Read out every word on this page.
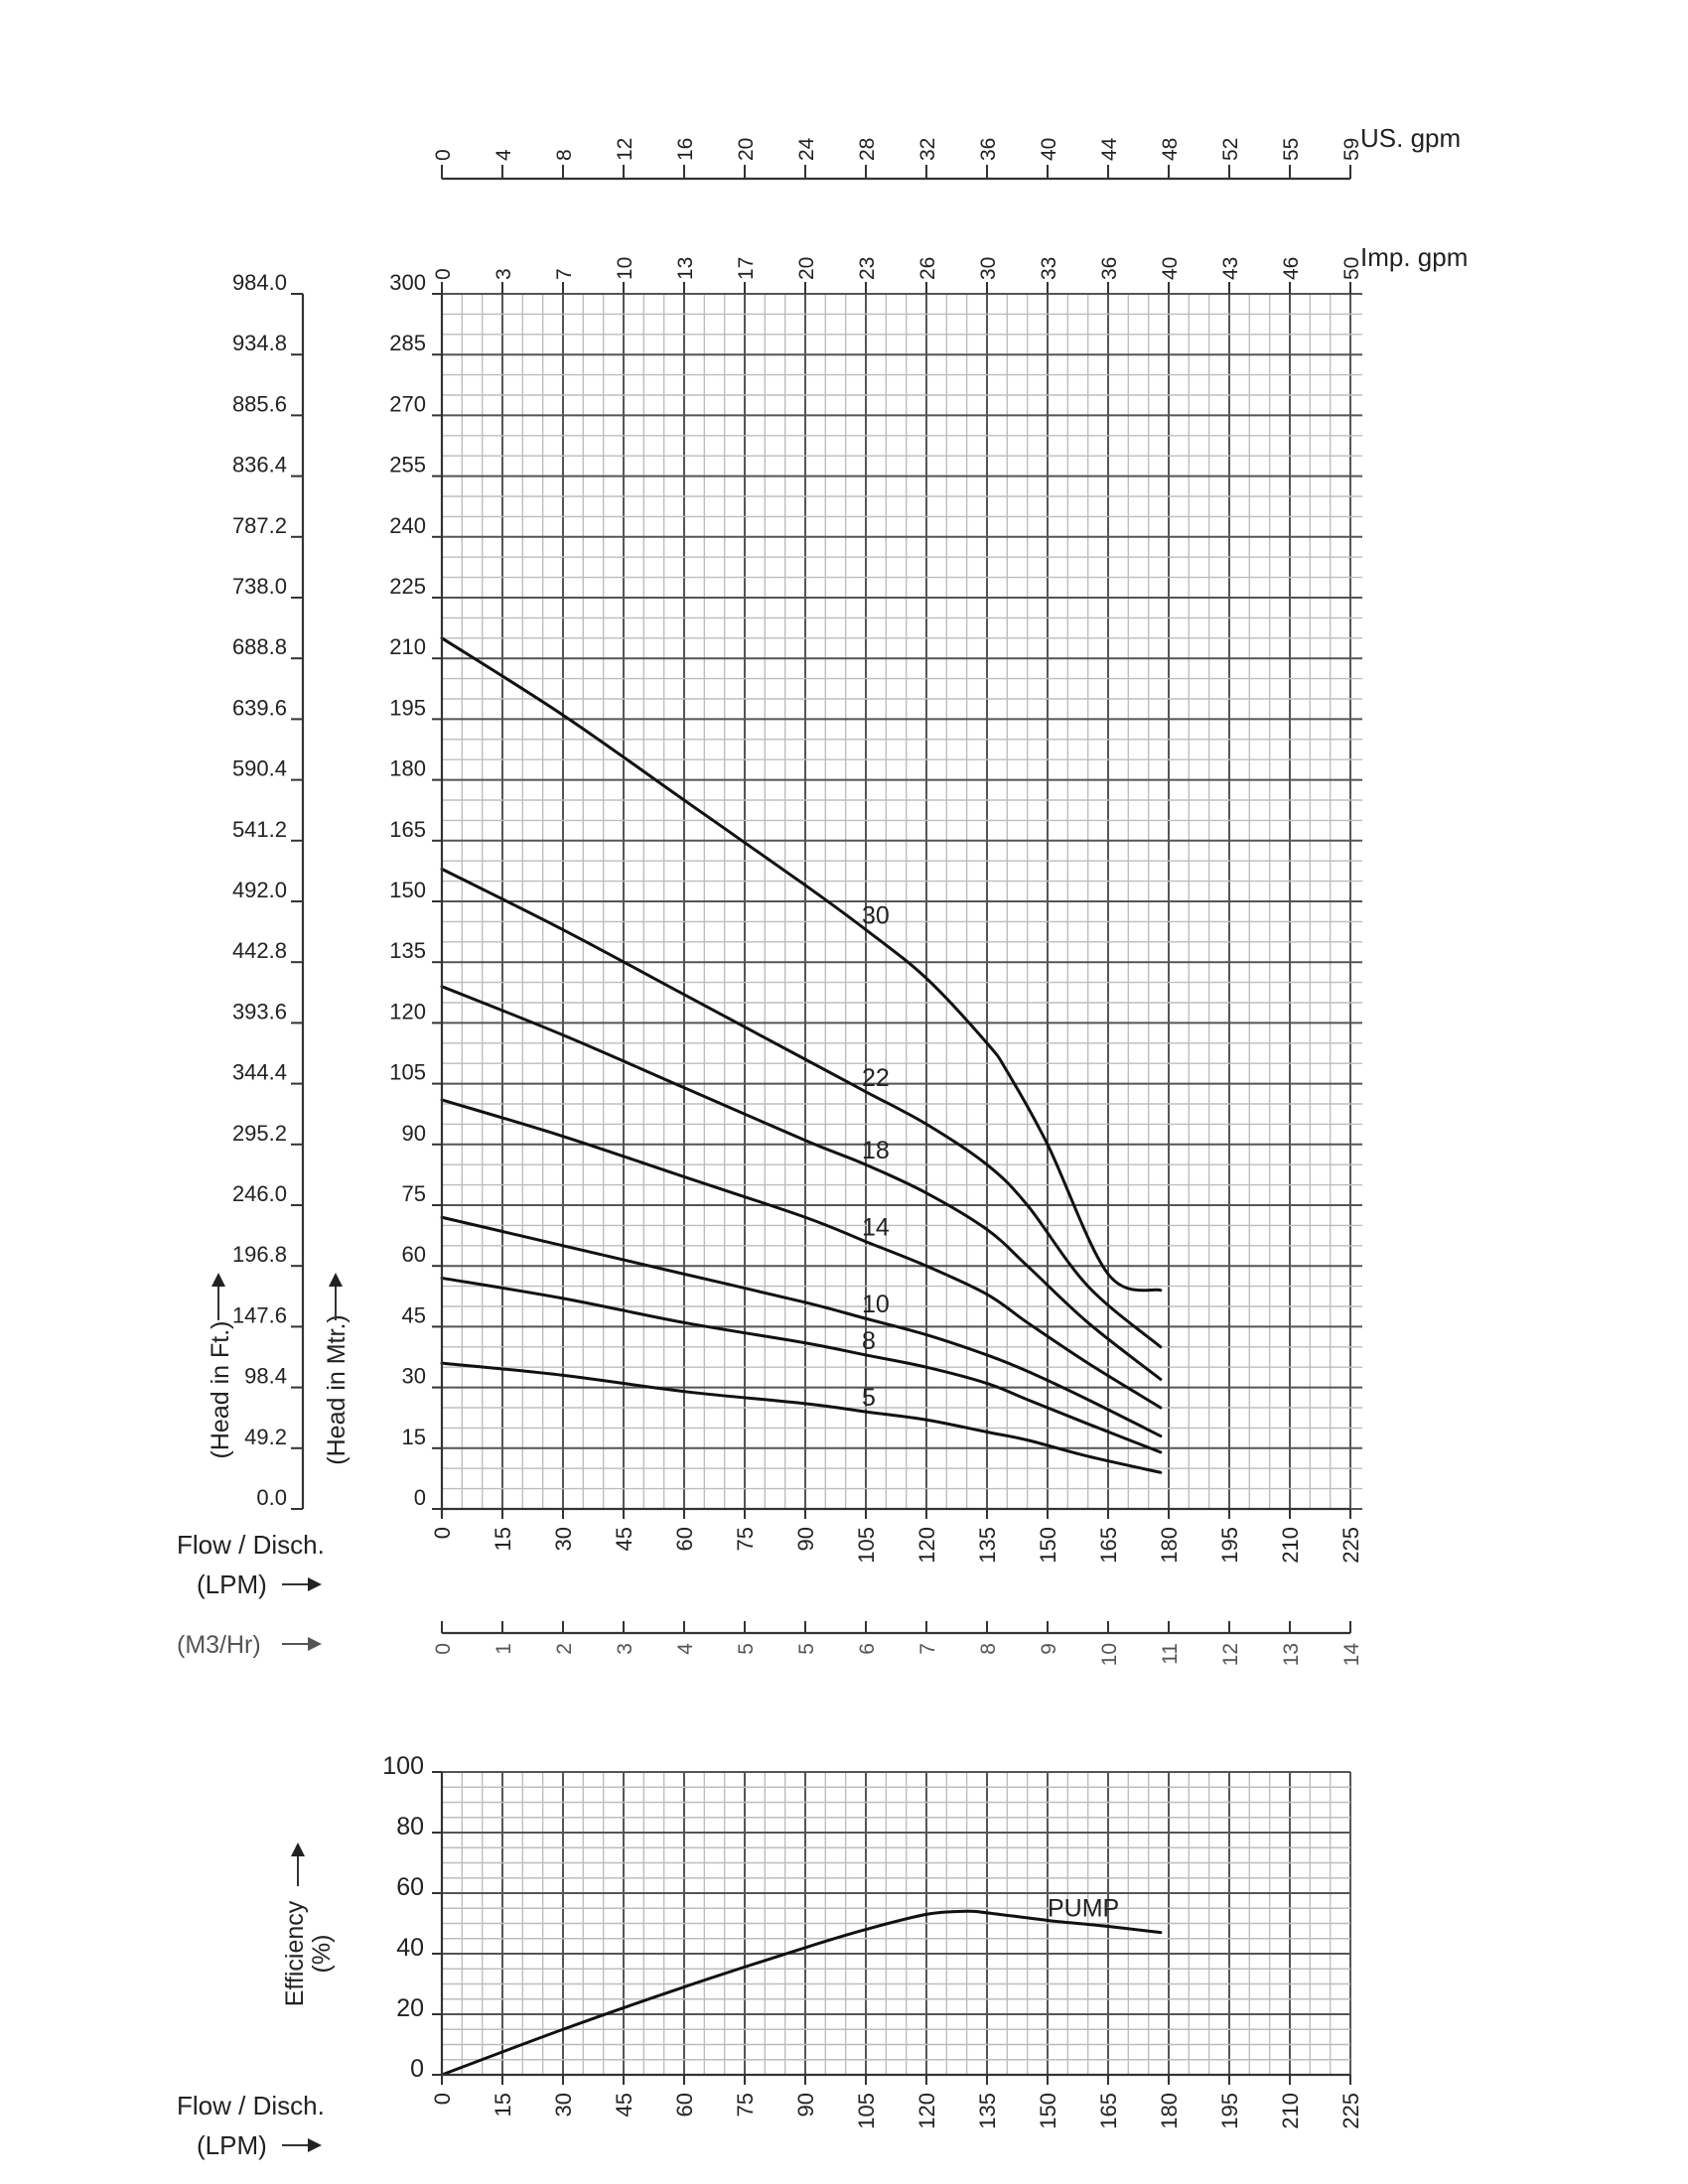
30
22
18
14
10
8
5
0
15
30
45
60
75
90
105
120
135
150
165
180
195
210
225
240
255
270
285
300
0.0
49.2
98.4
147.6
196.8
246.0
295.2
344.4
393.6
442.8
492.0
541.2
590.4
639.6
688.8
738.0
787.2
836.4
885.6
934.8
984.0
0 15 30 45 60 75 90 105 120 135 150 165 180 195 210 225
0 1 2 3 4 5 5 6 7 8 9 10 11 12 13 14
0 4 8 12 16 20 24 28 32 36 40 44 48 52 55 59
0 3 7 10 13 17 20 23 26 30 33 36 40 43 46 50
PUMP
0
20
40
60
80
100
0 15 30 45 60 75 90 105 120 135 150 165 180 195 210 225
US. gpm
Imp. gpm
(Head in Ft.)	(Head in Mtr.)
Flow / Disch.
(LPM)
(M3/Hr)
Efficiency (%)
Flow / Disch.
(LPM)
